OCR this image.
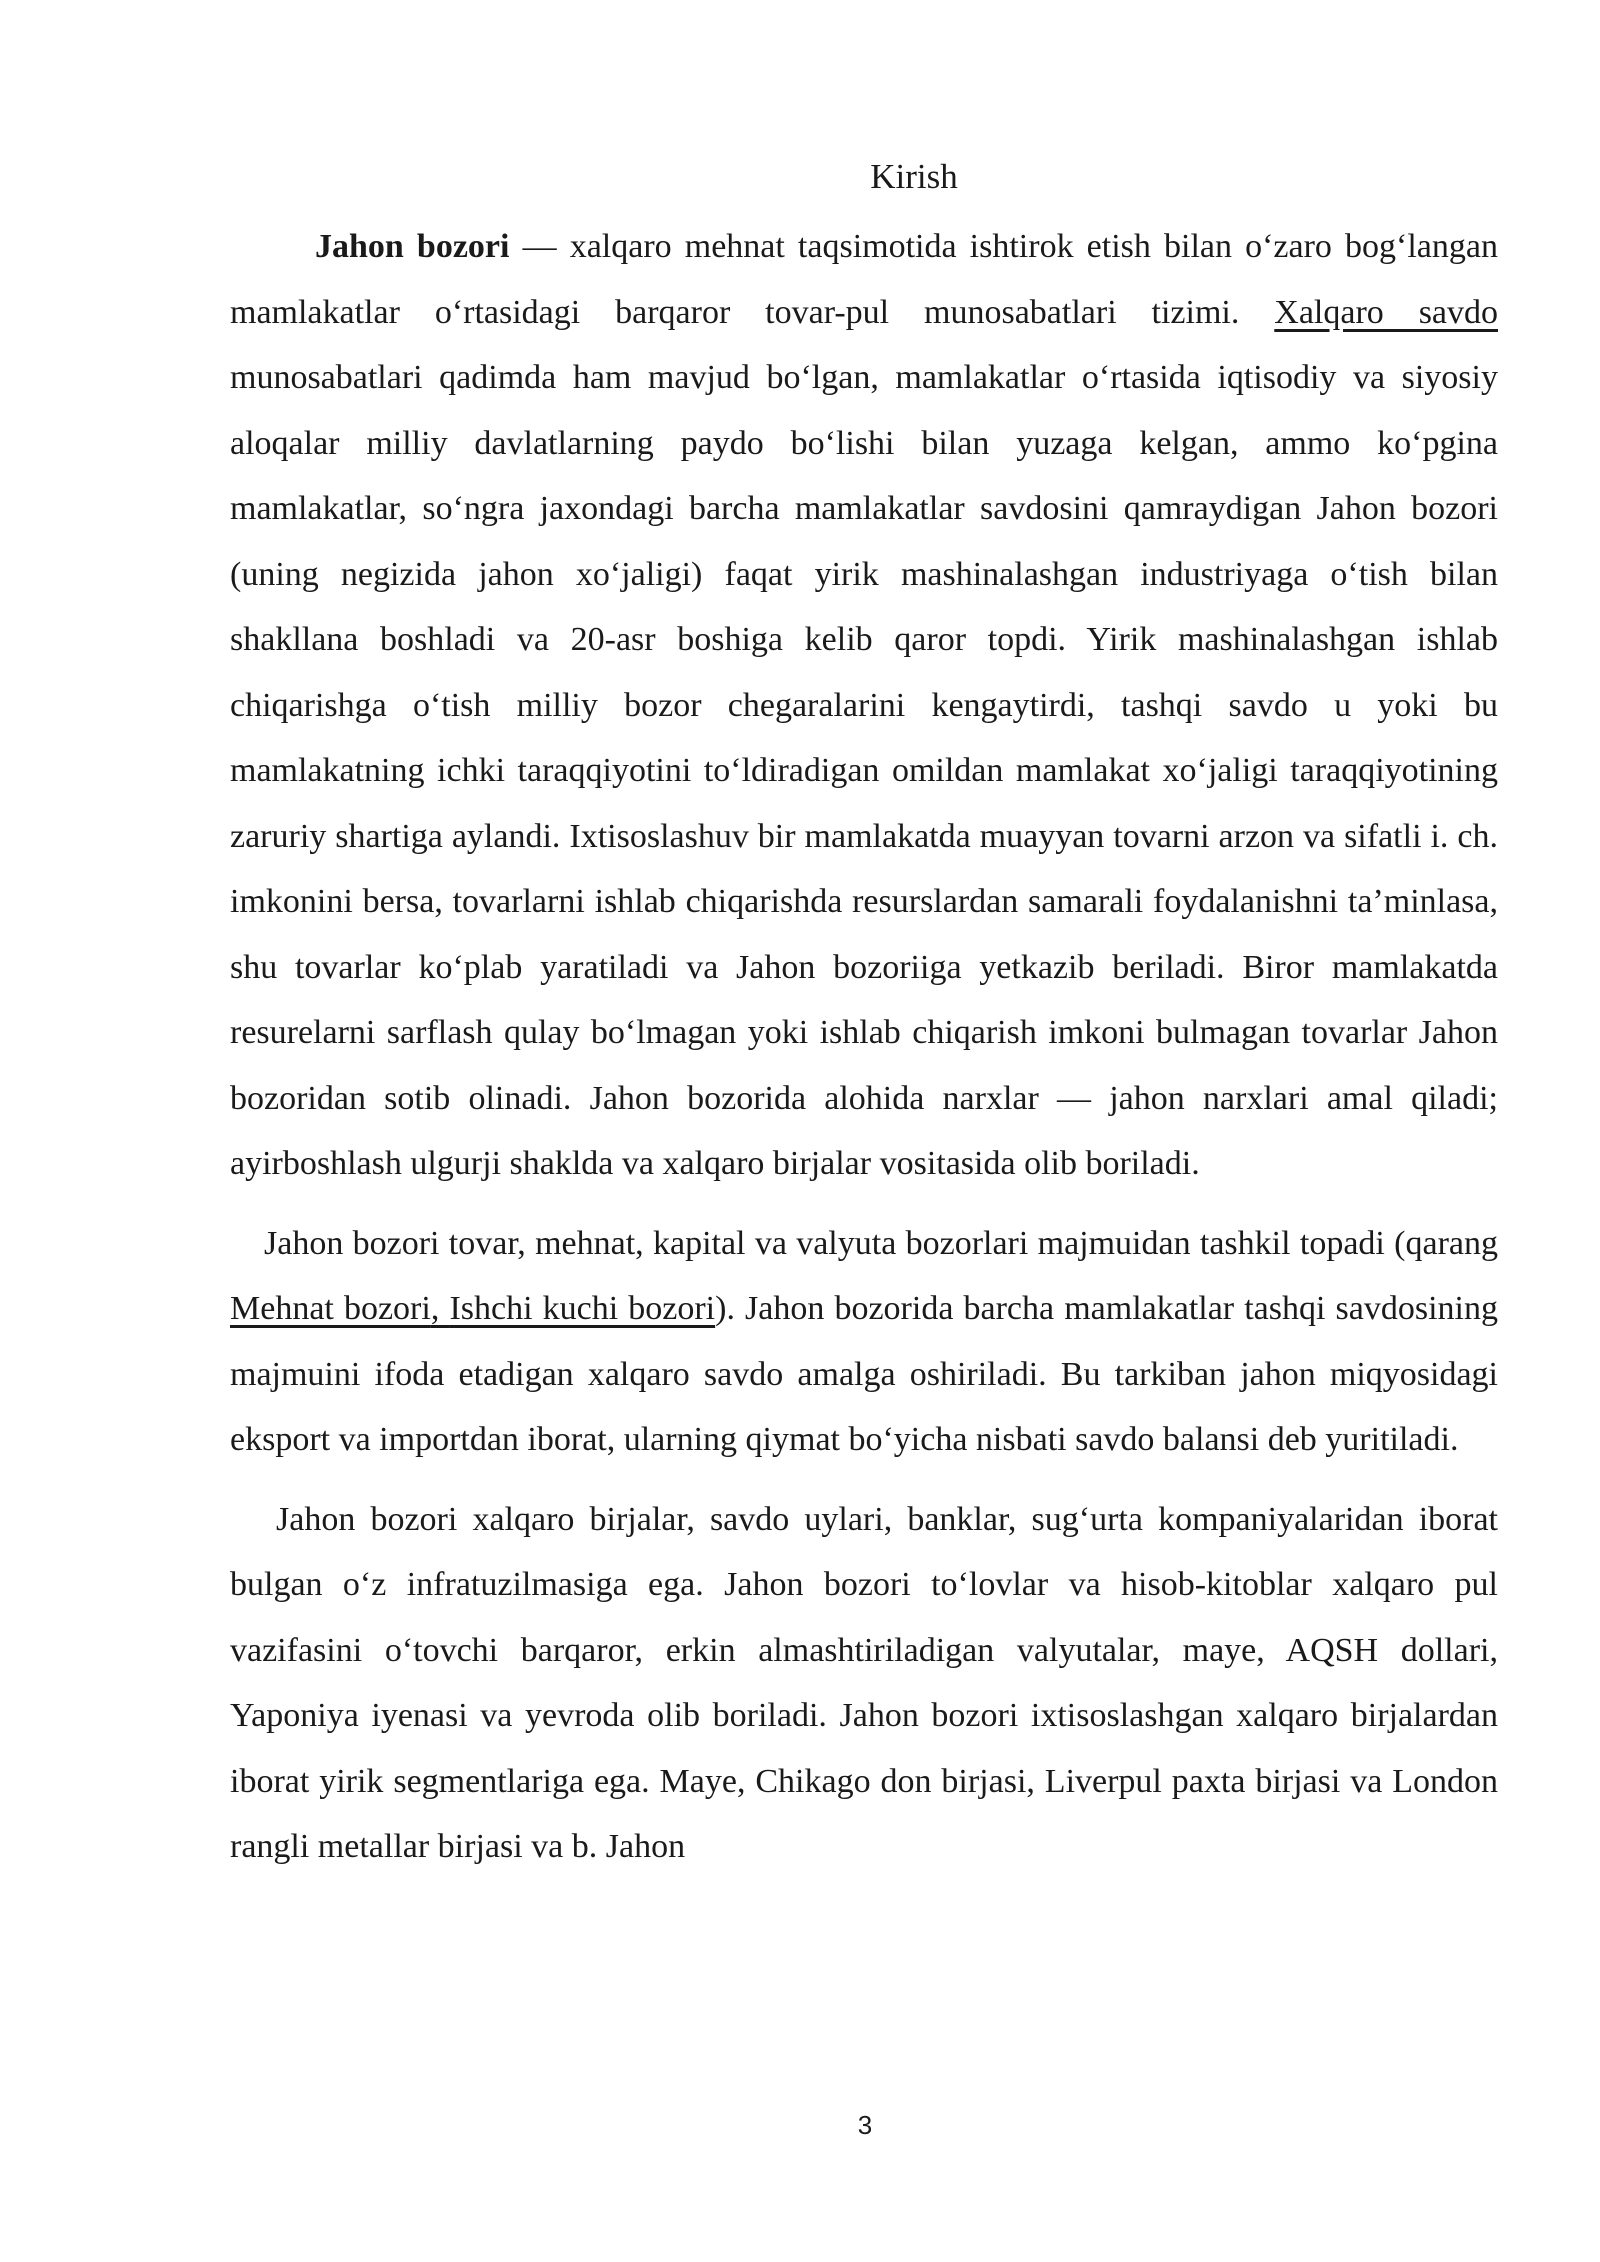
Kirish

Jahon bozori — xalqaro mehnat taqsimotida ishtirok etish bilan o‘zaro bog‘langan mamlakatlar o‘rtasidagi barqaror tovar-pul munosabatlari tizimi. Xalqaro savdo munosabatlari qadimda ham mavjud bo‘lgan, mamlakatlar o‘rtasida iqtisodiy va siyosiy aloqalar milliy davlatlarning paydo bo‘lishi bilan yuzaga kelgan, ammo ko‘pgina mamlakatlar, so‘ngra jaxondagi barcha mamlakatlar savdosini qamraydigan Jahon bozori (uning negizida jahon xo‘jaligi) faqat yirik mashinalashgan industriyaga o‘tish bilan shakllana boshladi va 20-asr boshiga kelib qaror topdi. Yirik mashinalashgan ishlab chiqarishga o‘tish milliy bozor chegaralarini kengaytirdi, tashqi savdo u yoki bu mamlakatning ichki taraqqiyotini to‘ldiradigan omildan mamlakat xo‘jaligi taraqqiyotining zaruriy shartiga aylandi. Ixtisoslashuv bir mamlakatda muayyan tovarni arzon va sifatli i. ch. imkonini bersa, tovarlarni ishlab chiqarishda resurslardan samarali foydalanishni ta’minlasa, shu tovarlar ko‘plab yaratiladi va Jahon bozoriiga yetkazib beriladi. Biror mamlakatda resurelarni sarflash qulay bo‘lmagan yoki ishlab chiqarish imkoni bulmagan tovarlar Jahon bozoridan sotib olinadi. Jahon bozorida alohida narxlar — jahon narxlari amal qiladi; ayirboshlash ulgurji shaklda va xalqaro birjalar vositasida olib boriladi.

Jahon bozori tovar, mehnat, kapital va valyuta bozorlari majmuidan tashkil topadi (qarang Mehnat bozori, Ishchi kuchi bozori). Jahon bozorida barcha mamlakatlar tashqi savdosining majmuini ifoda etadigan xalqaro savdo amalga oshiriladi. Bu tarkiban jahon miqyosidagi eksport va importdan iborat, ularning qiymat bo‘yicha nisbati savdo balansi deb yuritiladi.

Jahon bozori xalqaro birjalar, savdo uylari, banklar, sug‘urta kompaniyalaridan iborat bulgan o‘z infratuzilmasiga ega. Jahon bozori to‘lovlar va hisob-kitoblar xalqaro pul vazifasini o‘tovchi barqaror, erkin almashtiriladigan valyutalar, maye, AQSH dollari, Yaponiya iyenasi va yevroda olib boriladi. Jahon bozori ixtisoslashgan xalqaro birjalardan iborat yirik segmentlariga ega. Maye, Chikago don birjasi, Liverpul paxta birjasi va London rangli metallar birjasi va b. Jahon

3
